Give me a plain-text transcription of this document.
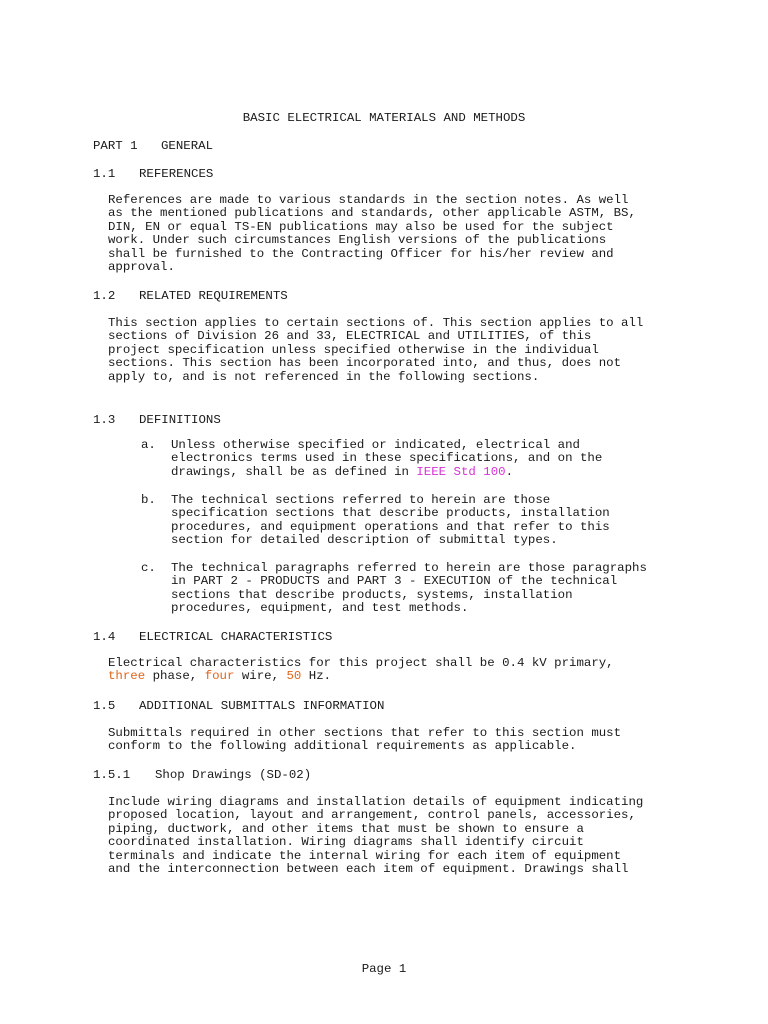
BASIC ELECTRICAL MATERIALS AND METHODS
PART 1 GENERAL
1.1 REFERENCES
References are made to various standards in the section notes. As well
as the mentioned publications and standards, other applicable ASTM, BS,
DIN, EN or equal TS-EN publications may also be used for the subject
work. Under such circumstances English versions of the publications
shall be furnished to the Contracting Officer for his/her review and
approval.
1.2 RELATED REQUIREMENTS
This section applies to certain sections of. This section applies to all
sections of Division 26 and 33, ELECTRICAL and UTILITIES, of this
project specification unless specified otherwise in the individual
sections. This section has been incorporated into, and thus, does not
apply to, and is not referenced in the following sections.
1.3 DEFINITIONS
a. Unless otherwise specified or indicated, electrical and
electronics terms used in these specifications, and on the
drawings, shall be as defined in IEEE Std 100.
b. The technical sections referred to herein are those
specification sections that describe products, installation
procedures, and equipment operations and that refer to this
section for detailed description of submittal types.
c. The technical paragraphs referred to herein are those paragraphs
in PART 2 - PRODUCTS and PART 3 - EXECUTION of the technical
sections that describe products, systems, installation
procedures, equipment, and test methods.
1.4 ELECTRICAL CHARACTERISTICS
Electrical characteristics for this project shall be 0.4 kV primary,
three phase, four wire, 50 Hz.
1.5 ADDITIONAL SUBMITTALS INFORMATION
Submittals required in other sections that refer to this section must
conform to the following additional requirements as applicable.
1.5.1 Shop Drawings (SD-02)
Include wiring diagrams and installation details of equipment indicating
proposed location, layout and arrangement, control panels, accessories,
piping, ductwork, and other items that must be shown to ensure a
coordinated installation. Wiring diagrams shall identify circuit
terminals and indicate the internal wiring for each item of equipment
and the interconnection between each item of equipment. Drawings shall
Page 1
